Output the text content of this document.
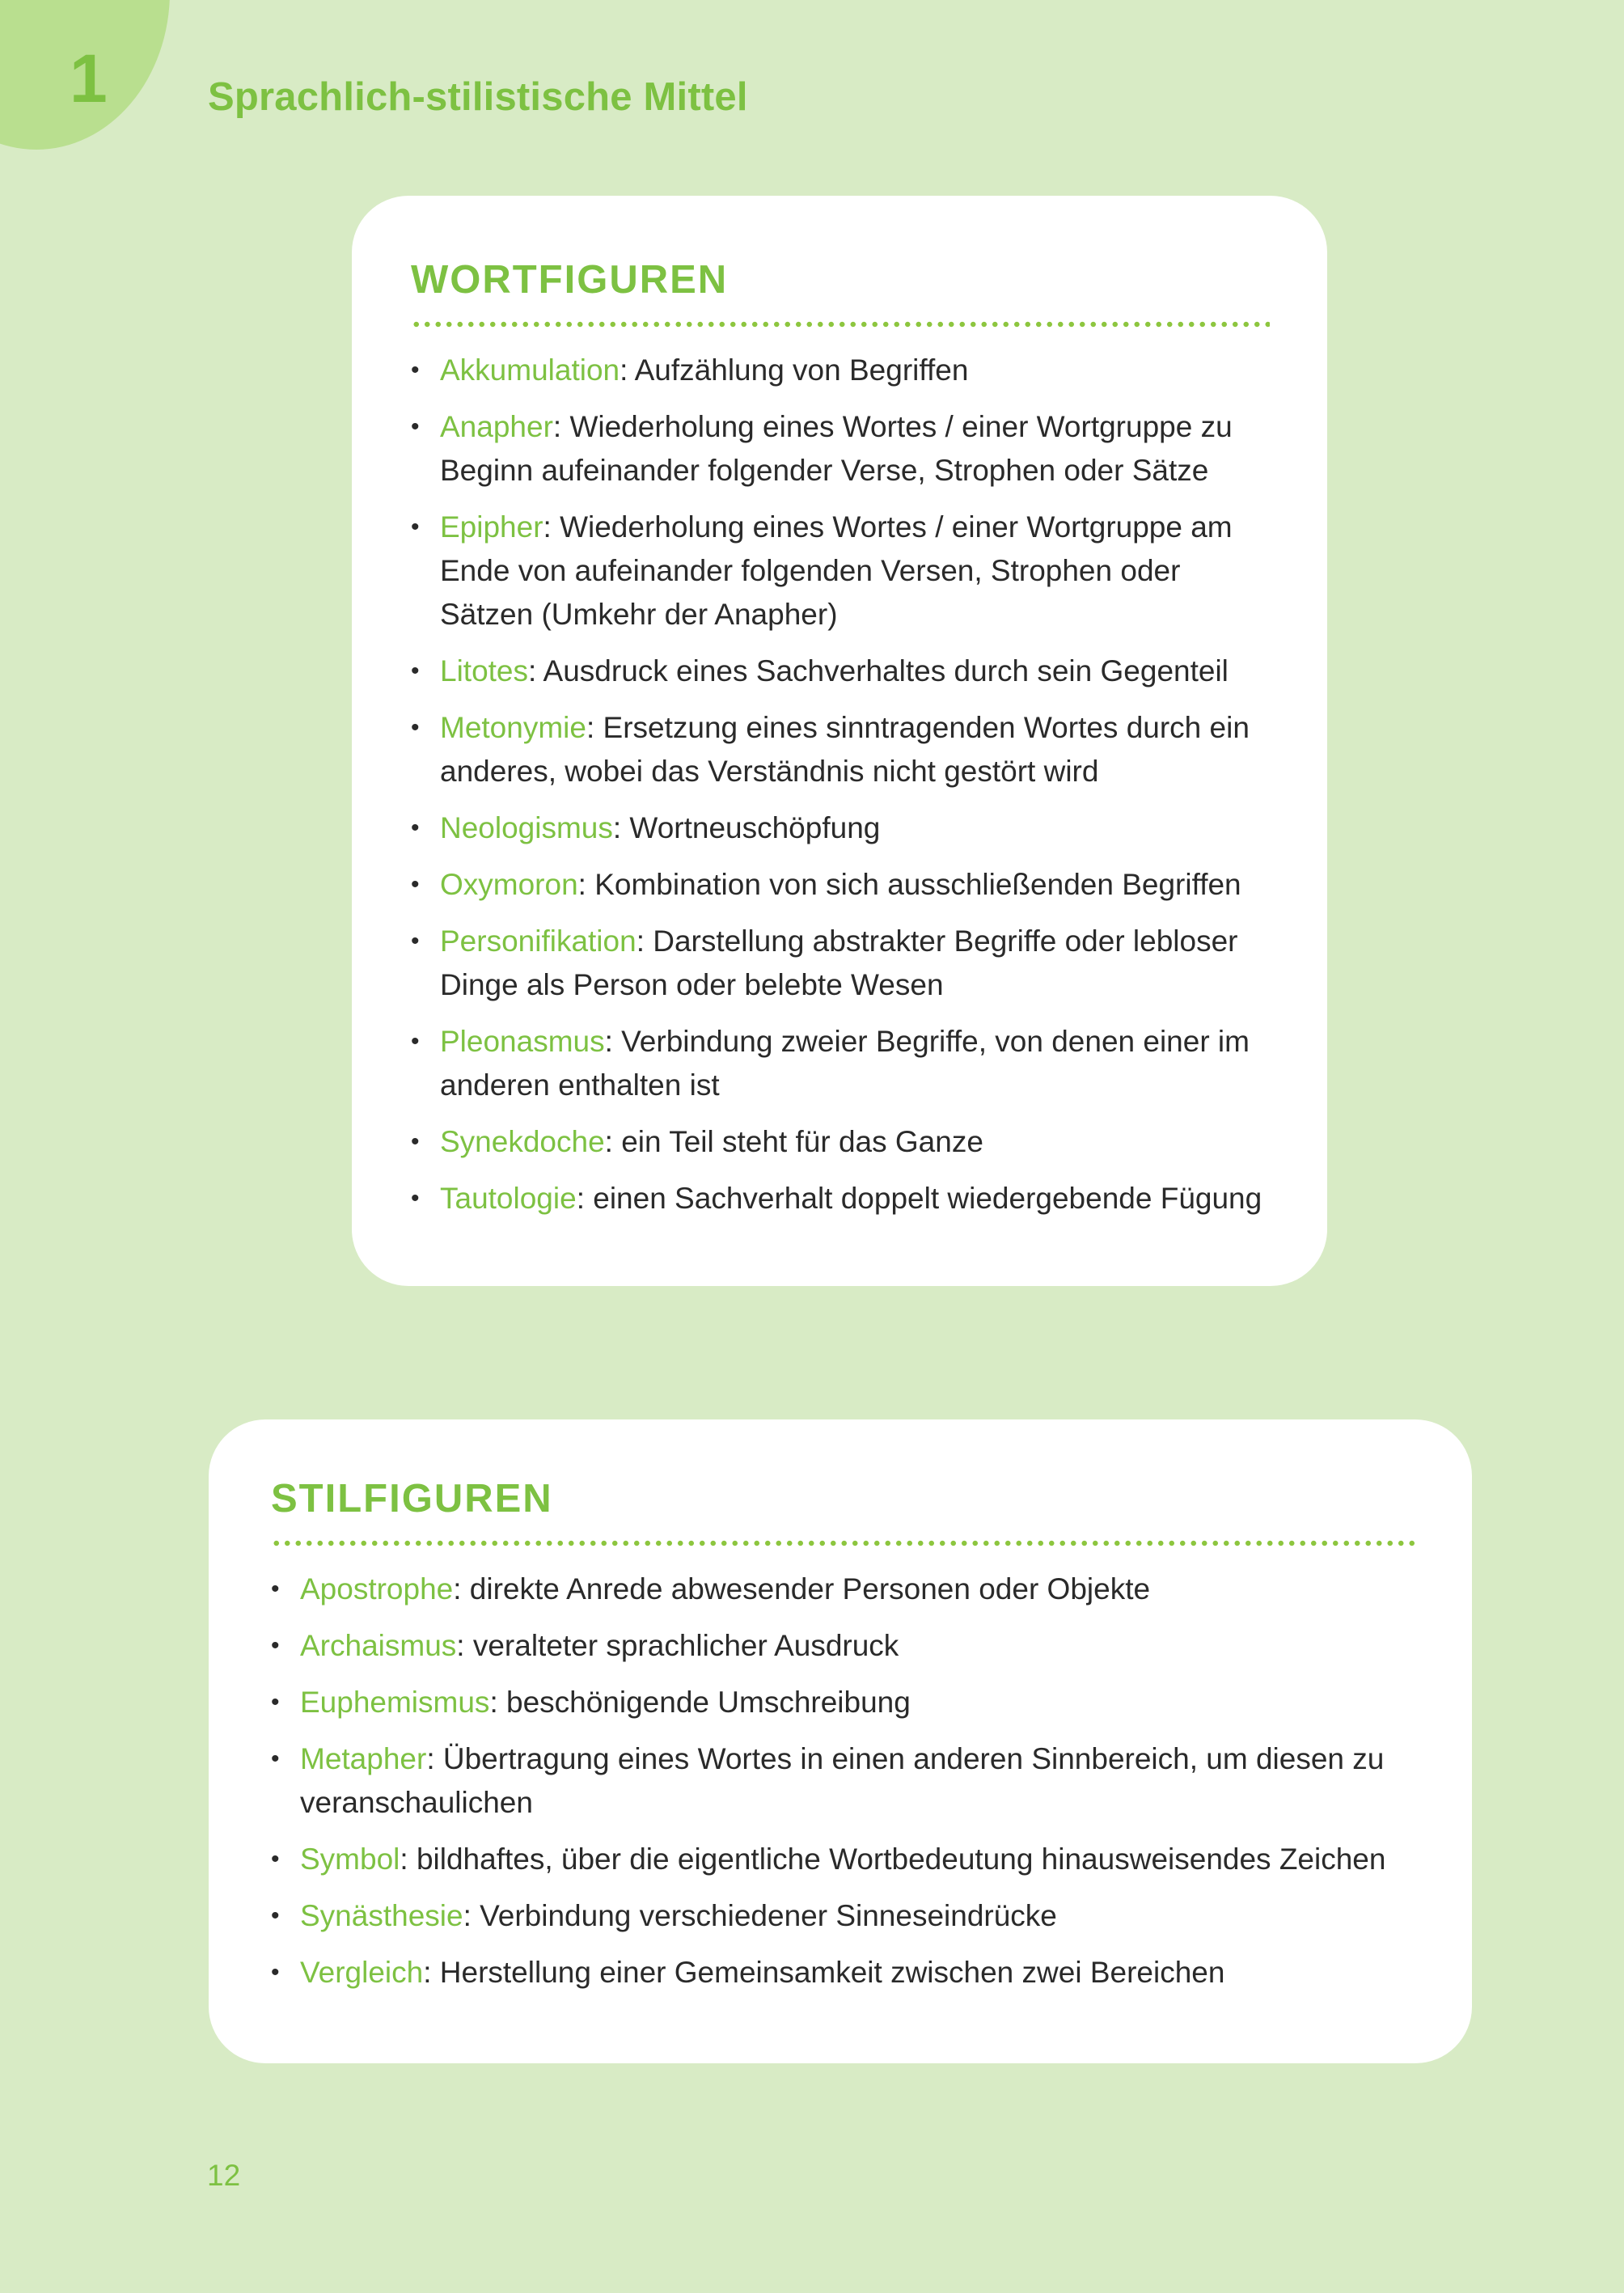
1	Sprachlich-stilistische Mittel
WORTFIGUREN
• Akkumulation: Aufzählung von Begriffen
• Anapher: Wiederholung eines Wortes / einer Wortgruppe zu Beginn aufeinander folgender Verse, Strophen oder Sätze
• Epipher: Wiederholung eines Wortes / einer Wortgruppe am Ende von aufeinander folgenden Versen, Strophen oder Sätzen (Umkehr der Anapher)
• Litotes: Ausdruck eines Sachverhaltes durch sein Gegenteil
• Metonymie: Ersetzung eines sinntragenden Wortes durch ein anderes, wobei das Verständnis nicht gestört wird
• Neologismus: Wortneuschöpfung
• Oxymoron: Kombination von sich ausschließenden Begriffen
• Personifikation: Darstellung abstrakter Begriffe oder lebloser Dinge als Person oder belebte Wesen
• Pleonasmus: Verbindung zweier Begriffe, von denen einer im anderen enthalten ist
• Synekdoche: ein Teil steht für das Ganze
• Tautologie: einen Sachverhalt doppelt wiedergebende Fügung
STILFIGUREN
• Apostrophe: direkte Anrede abwesender Personen oder Objekte
• Archaismus: veralteter sprachlicher Ausdruck
• Euphemismus: beschönigende Umschreibung
• Metapher: Übertragung eines Wortes in einen anderen Sinnbereich, um diesen zu veranschaulichen
• Symbol: bildhaftes, über die eigentliche Wortbedeutung hinausweisendes Zeichen
• Synästhesie: Verbindung verschiedener Sinneseindrücke
• Vergleich: Herstellung einer Gemeinsamkeit zwischen zwei Bereichen
12
